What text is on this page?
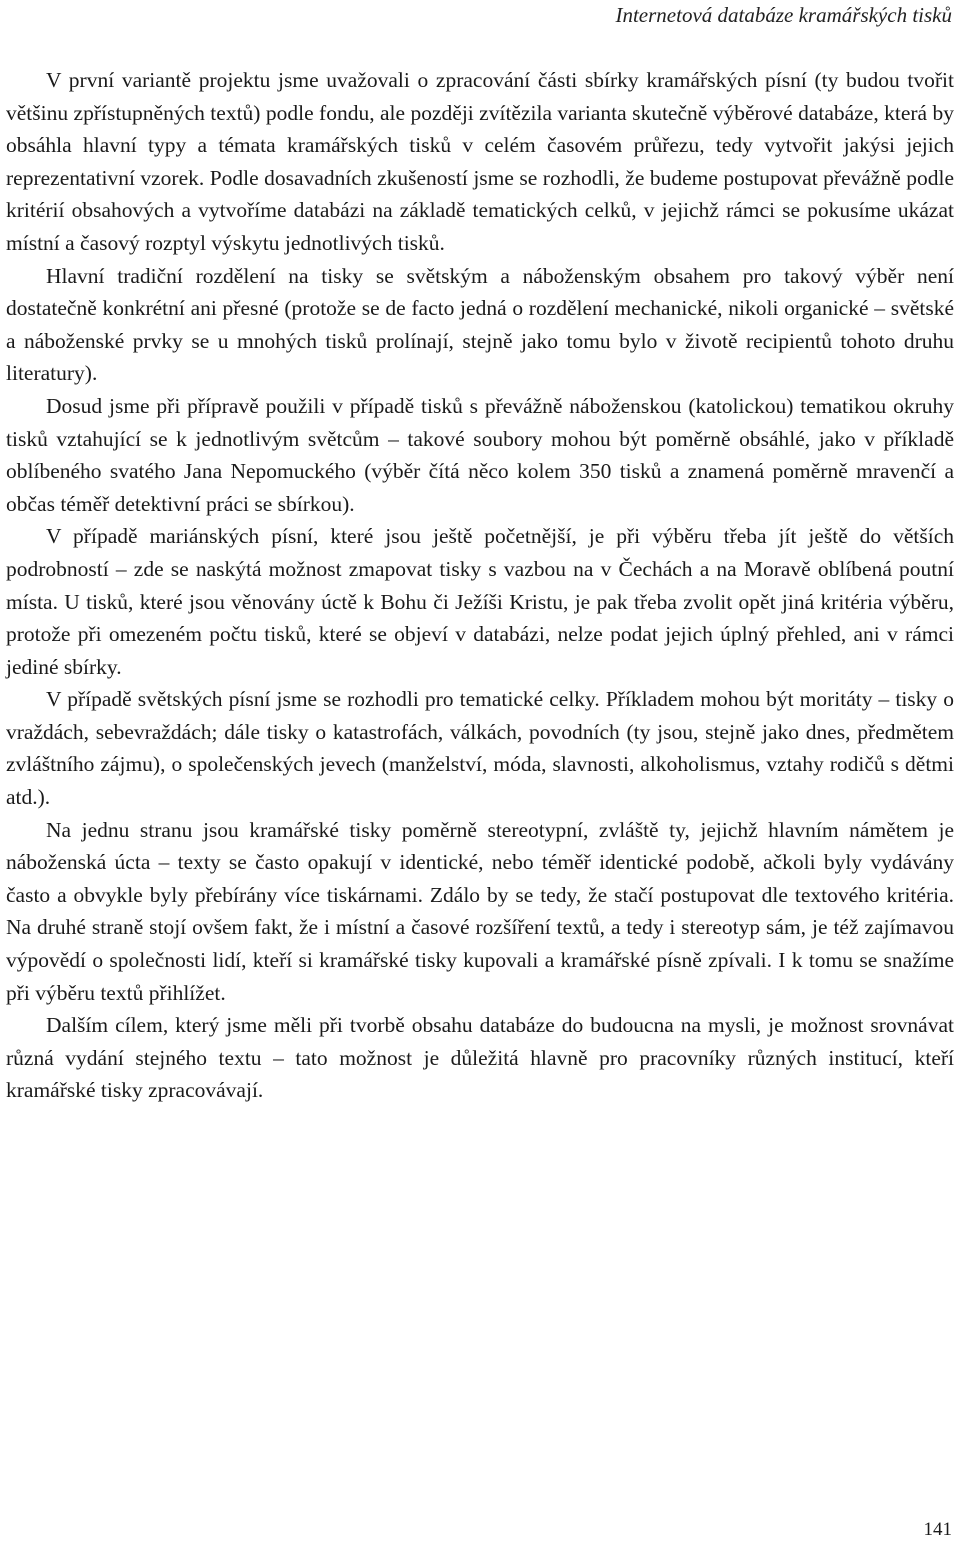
Internetová databáze kramářských tisků

V první variantě projektu jsme uvažovali o zpracování části sbírky kramářských písní (ty budou tvořit většinu zpřístupněných textů) podle fondu, ale později zvítězila varianta skutečně výběrové databáze, která by obsáhla hlavní typy a témata kramářských tisků v celém časovém průřezu, tedy vytvořit jakýsi jejich reprezentativní vzorek. Podle dosavadních zkušeností jsme se rozhodli, že budeme postupovat převážně podle kritérií obsahových a vytvoříme databázi na základě tematických celků, v jejichž rámci se pokusíme ukázat místní a časový rozptyl výskytu jednotlivých tisků.

Hlavní tradiční rozdělení na tisky se světským a náboženským obsahem pro takový výběr není dostatečně konkrétní ani přesné (protože se de facto jedná o rozdělení mechanické, nikoli organické – světské a náboženské prvky se u mnohých tisků prolínají, stejně jako tomu bylo v životě recipientů tohoto druhu literatury).

Dosud jsme při přípravě použili v případě tisků s převážně náboženskou (katolickou) tematikou okruhy tisků vztahující se k jednotlivým světcům – takové soubory mohou být poměrně obsáhlé, jako v příkladě oblíbeného svatého Jana Nepomuckého (výběr čítá něco kolem 350 tisků a znamená poměrně mravenčí a občas téměř detektivní práci se sbírkou).

V případě mariánských písní, které jsou ještě početnější, je při výběru třeba jít ještě do větších podrobností – zde se naskýtá možnost zmapovat tisky s vazbou na v Čechách a na Moravě oblíbená poutní místa. U tisků, které jsou věnovány úctě k Bohu či Ježíši Kristu, je pak třeba zvolit opět jiná kritéria výběru, protože při omezeném počtu tisků, které se objeví v databázi, nelze podat jejich úplný přehled, ani v rámci jediné sbírky.

V případě světských písní jsme se rozhodli pro tematické celky. Příkladem mohou být moritáty – tisky o vraždách, sebevraždách; dále tisky o katastrofách, válkách, povodních (ty jsou, stejně jako dnes, předmětem zvláštního zájmu), o společenských jevech (manželství, móda, slavnosti, alkoholismus, vztahy rodičů s dětmi atd.).

Na jednu stranu jsou kramářské tisky poměrně stereotypní, zvláště ty, jejichž hlavním námětem je náboženská úcta – texty se často opakují v identické, nebo téměř identické podobě, ačkoli byly vydávány často a obvykle byly přebírány více tiskárnami. Zdálo by se tedy, že stačí postupovat dle textového kritéria. Na druhé straně stojí ovšem fakt, že i místní a časové rozšíření textů, a tedy i stereotyp sám, je též zajímavou výpovědí o společnosti lidí, kteří si kramářské tisky kupovali a kramářské písně zpívali. I k tomu se snažíme při výběru textů přihlížet.

Dalším cílem, který jsme měli při tvorbě obsahu databáze do budoucna na mysli, je možnost srovnávat různá vydání stejného textu – tato možnost je důležitá hlavně pro pracovníky různých institucí, kteří kramářské tisky zpracovávají.

141
